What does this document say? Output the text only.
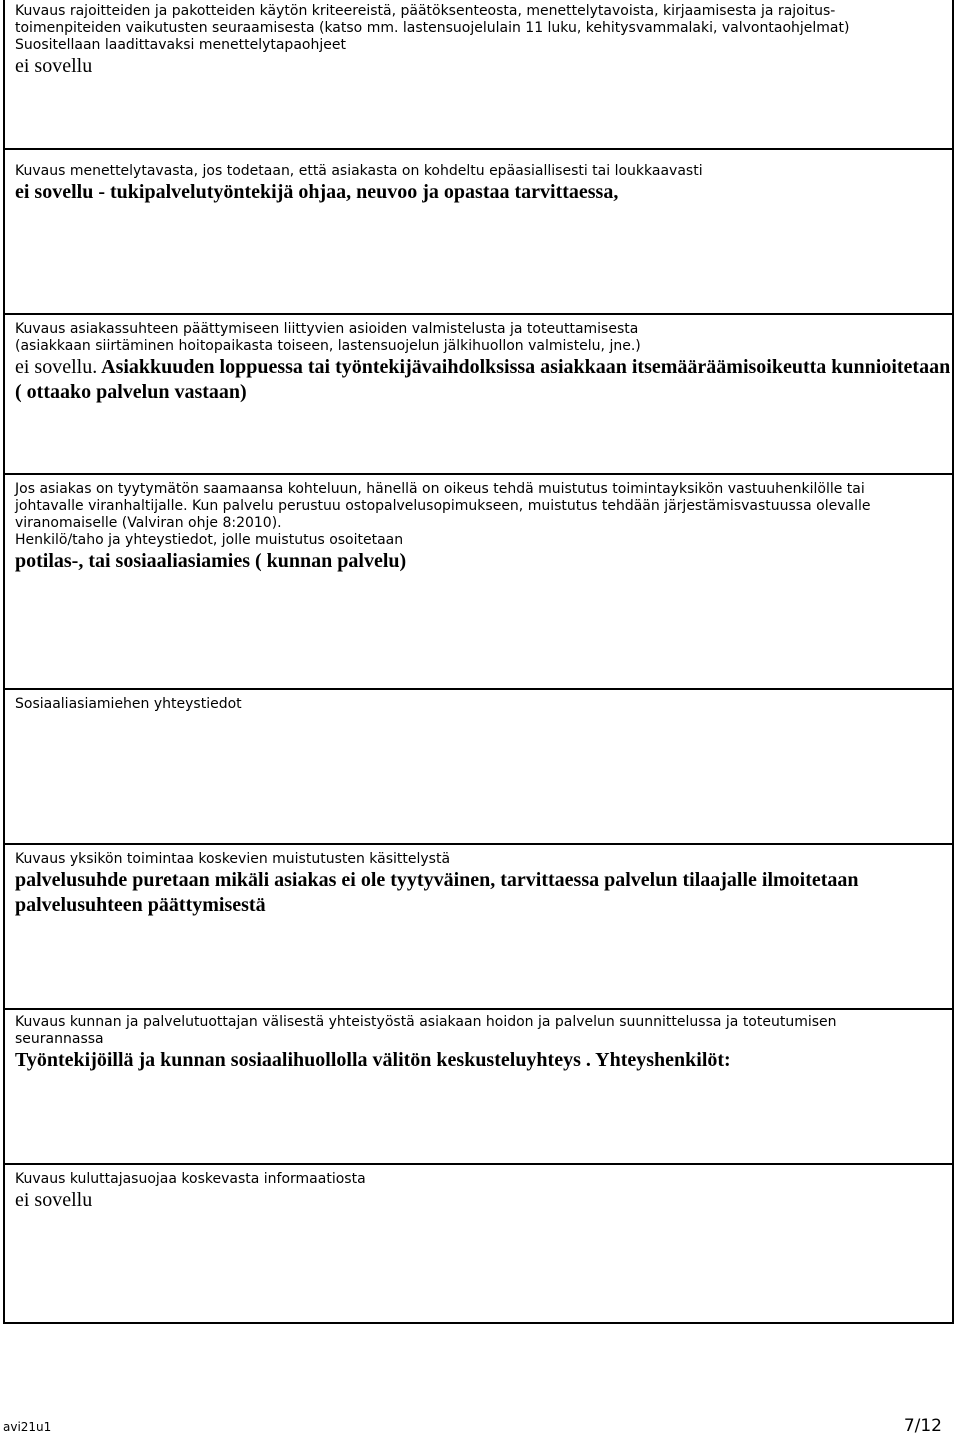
Kuvaus rajoitteiden ja pakotteiden käytön kriteereistä, päätöksenteosta, menettelytavoista, kirjaamisesta ja rajoitus-

toimenpiteiden vaikutusten seuraamisesta (katso mm. lastensuojelulain 11 luku, kehitysvammalaki, valvontaohjelmat)

Suositellaan laadittavaksi menettelytapaohjeet

ei sovellu

Kuvaus menettelytavasta, jos todetaan, että asiakasta on kohdeltu epäasiallisesti tai loukkaavasti

ei sovellu - tukipalvelutyöntekijä ohjaa, neuvoo ja opastaa tarvittaessa,

Kuvaus asiakassuhteen päättymiseen liittyvien asioiden valmistelusta ja toteuttamisesta

(asiakkaan siirtäminen hoitopaikasta toiseen, lastensuojelun jälkihuollon valmistelu, jne.)

ei sovellu. Asiakkuuden loppuessa tai työntekijävaihdolksissa asiakkaan itsemääräämisoikeutta kunnioitetaan ( ottaako palvelun vastaan)

Jos asiakas on tyytymätön saamaansa kohteluun, hänellä on oikeus tehdä muistutus toimintayksikön vastuuhenkilölle tai

johtavalle viranhaltijalle. Kun palvelu perustuu ostopalvelusopimukseen, muistutus tehdään järjestämisvastuussa olevalle

viranomaiselle (Valviran ohje 8:2010).

Henkilö/taho ja yhteystiedot, jolle muistutus osoitetaan

potilas-, tai sosiaaliasiamies ( kunnan palvelu)

Sosiaaliasiamiehen yhteystiedot

Kuvaus yksikön toimintaa koskevien muistutusten käsittelystä

palvelusuhde puretaan mikäli asiakas ei ole tyytyväinen, tarvittaessa palvelun tilaajalle ilmoitetaan palvelusuhteen päättymisestä

Kuvaus kunnan ja palvelutuottajan välisestä yhteistyöstä asiakaan hoidon ja palvelun suunnittelussa ja toteutumisen

seurannassa

Työntekijöillä ja kunnan sosiaalihuollolla välitön keskusteluyhteys . Yhteyshenkilöt:

Kuvaus kuluttajasuojaa koskevasta informaatiosta

ei sovellu

avi21u1	7/12
